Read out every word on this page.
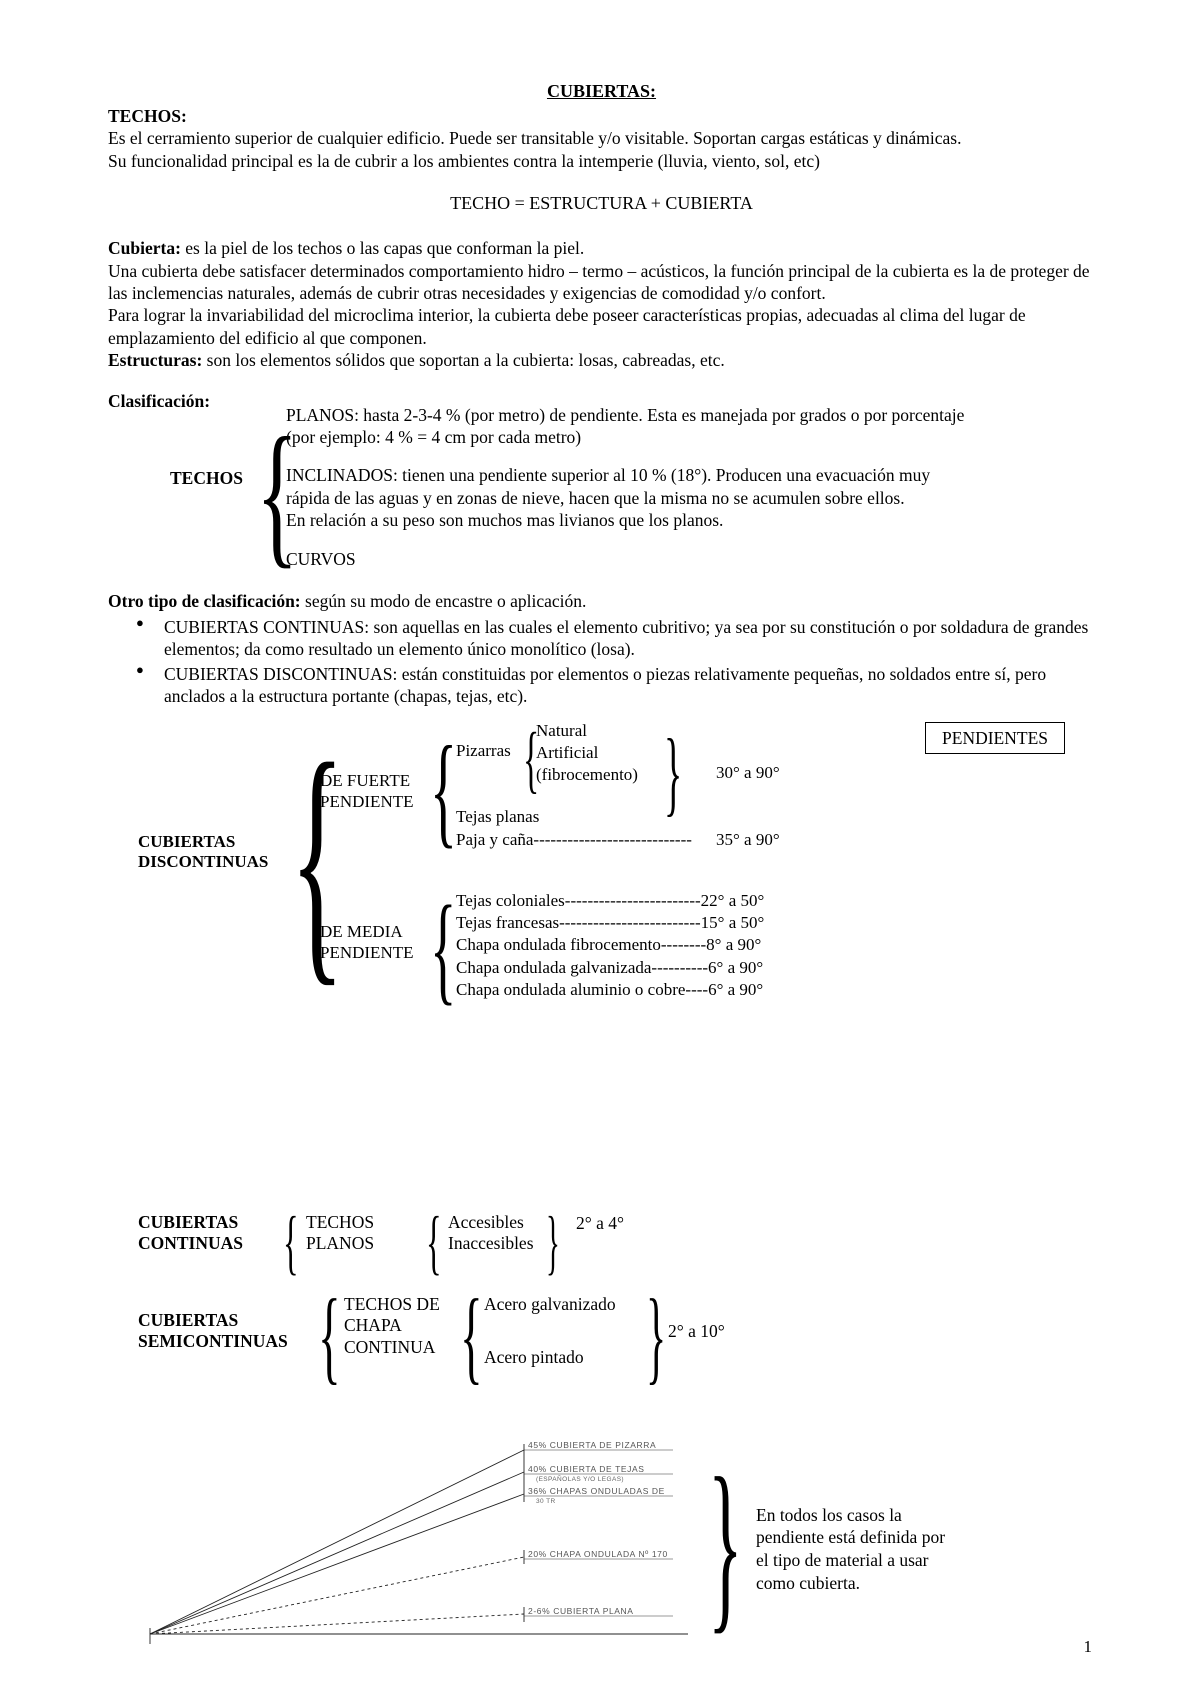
CUBIERTAS:

TECHOS:

Es el cerramiento superior de cualquier edificio. Puede ser transitable y/o visitable. Soportan cargas estáticas y dinámicas.

Su funcionalidad principal es la de cubrir a los ambientes contra la intemperie (lluvia, viento, sol, etc)

TECHO = ESTRUCTURA + CUBIERTA

Cubierta: es la piel de los techos o las capas que conforman la piel.

Una cubierta debe satisfacer determinados comportamiento hidro – termo – acústicos, la función principal de la cubierta es la de proteger de las inclemencias naturales, además de cubrir otras necesidades y exigencias de comodidad y/o confort.

Para lograr la invariabilidad del microclima interior, la cubierta debe poseer características propias, adecuadas al clima del lugar de emplazamiento del edificio al que componen.

Estructuras: son los elementos sólidos que soportan a la cubierta: losas, cabreadas, etc.

Clasificación:
TECHOS {
PLANOS: hasta 2-3-4 % (por metro) de pendiente. Esta es manejada por grados o por porcentaje
(por ejemplo: 4 % = 4 cm por cada metro)
INCLINADOS: tienen una pendiente superior al 10 % (18°). Producen una evacuación muy
rápida de las aguas y en zonas de nieve, hacen que la misma no se acumulen sobre ellos.
En relación a su peso son muchos mas livianos que los planos.
CURVOS

Otro tipo de clasificación: según su modo de encastre o aplicación.

● CUBIERTAS CONTINUAS: son aquellas en las cuales el elemento cubritivo; ya sea por su constitución o por soldadura de grandes elementos; da como resultado un elemento único monolítico (losa).
● CUBIERTAS DISCONTINUAS: están constituidas por elementos o piezas relativamente pequeñas, no soldados entre sí, pero anclados a la estructura portante (chapas, tejas, etc).
PENDIENTES
CUBIERTAS
DISCONTINUAS {
DE FUERTE
PENDIENTE { Pizarras {
Natural
Artificial
(fibrocemento) } 30° a 90°
Tejas planas
Paja y caña---------------------------- 35° a 90°
DE MEDIA
PENDIENTE { Tejas coloniales------------------------22° a 50°
Tejas francesas-------------------------15° a 50°
Chapa ondulada fibrocemento--------8° a 90°
Chapa ondulada galvanizada----------6° a 90°
Chapa ondulada aluminio o cobre----6° a 90°
CUBIERTAS
CONTINUAS { TECHOS
PLANOS { Accesibles
Inaccesibles } 2° a 4°
CUBIERTAS
SEMICONTINUAS { TECHOS DE
CHAPA
CONTINUA { Acero galvanizado
Acero pintado } 2° a 10°
45% CUBIERTA DE PIZARRA
40% CUBIERTA DE TEJAS
(ESPAÑOLAS Y/O LEGAS)
36% CHAPAS ONDULADAS DE
30 TR
20% CHAPA ONDULADA Nº 170
2-6% CUBIERTA PLANA } En todos los casos la pendiente está definida por el tipo de material a usar como cubierta.
1
